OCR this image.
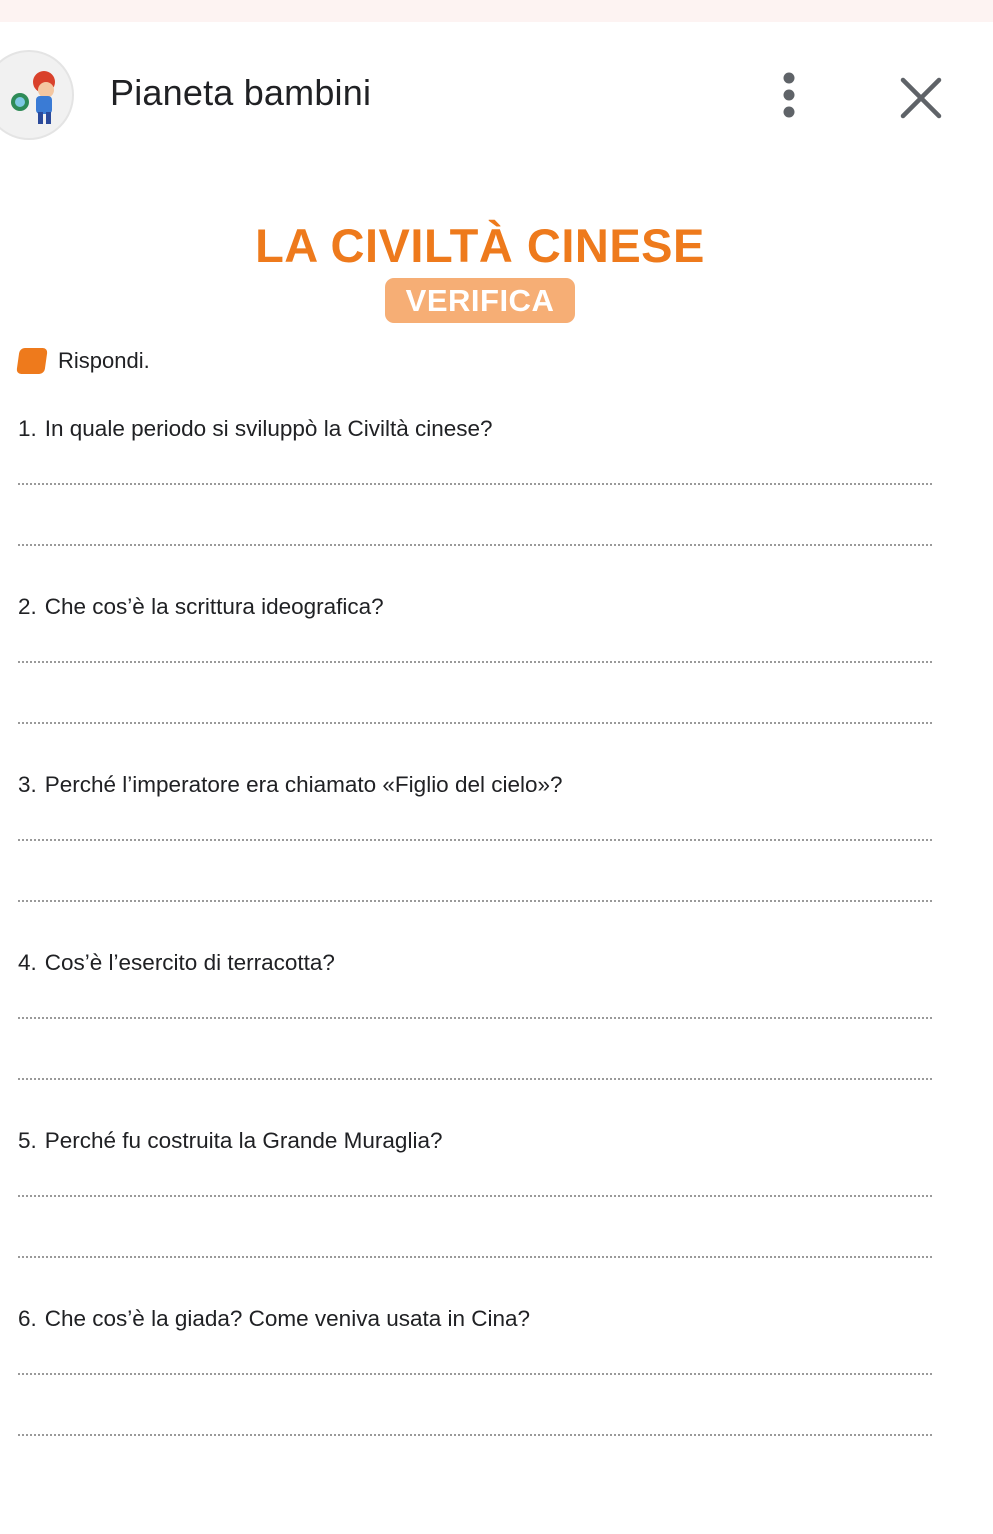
Pianeta bambini
LA CIVILTÀ CINESE
VERIFICA
Rispondi.
1. In quale periodo si sviluppò la Civiltà cinese?
2. Che cos’è la scrittura ideografica?
3. Perché l’imperatore era chiamato «Figlio del cielo»?
4. Cos’è l’esercito di terracotta?
5. Perché fu costruita la Grande Muraglia?
6. Che cos’è la giada? Come veniva usata in Cina?
